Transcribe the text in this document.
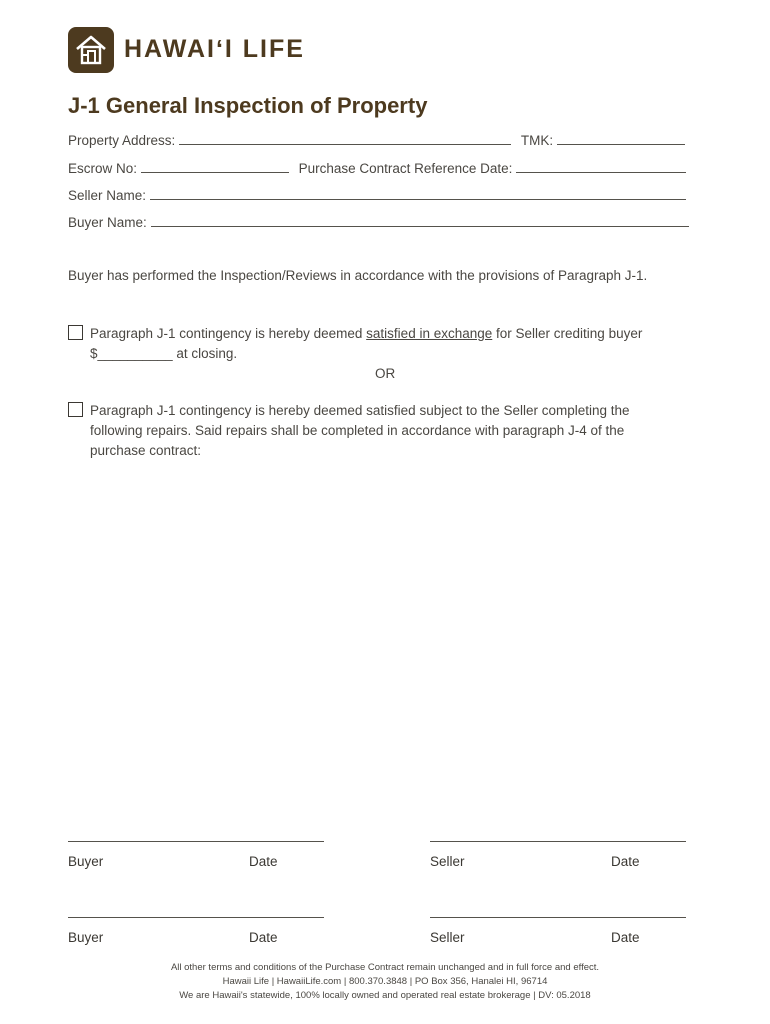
HAWAIʻI LIFE
J-1 General Inspection of Property
Property Address:	TMK:
Escrow No:	Purchase Contract Reference Date:
Seller Name:
Buyer Name:
Buyer has performed the Inspection/Reviews in accordance with the provisions of Paragraph J-1.
Paragraph J-1 contingency is hereby deemed satisfied in exchange for Seller crediting buyer
$__________ at closing.
OR
Paragraph J-1 contingency is hereby deemed satisfied subject to the Seller completing the
following repairs. Said repairs shall be completed in accordance with paragraph J-4 of the
purchase contract:
Buyer	Date	Seller	Date
Buyer	Date	Seller	Date
All other terms and conditions of the Purchase Contract remain unchanged and in full force and effect.
Hawaii Life | HawaiiLife.com | 800.370.3848 | PO Box 356, Hanalei HI, 96714
We are Hawaii's statewide, 100% locally owned and operated real estate brokerage | DV: 05.2018
